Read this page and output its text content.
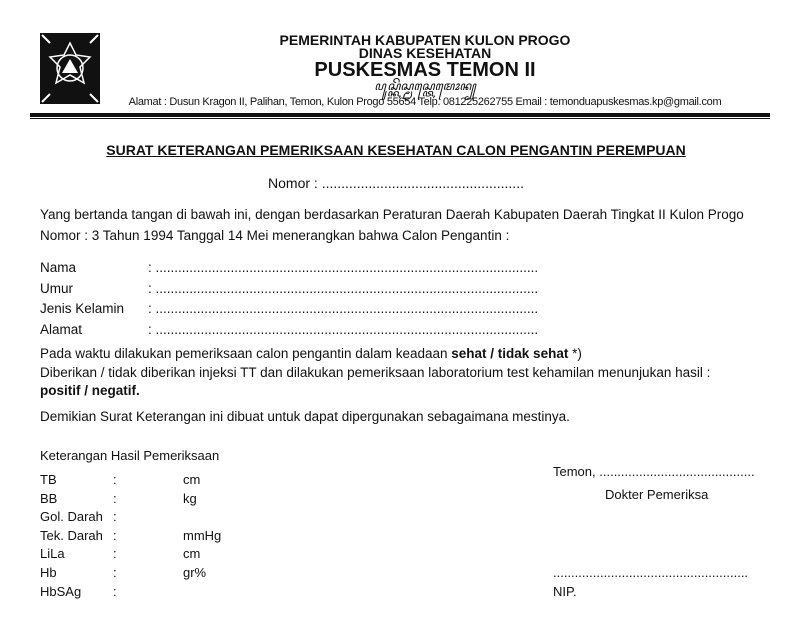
PEMERINTAH KABUPATEN KULON PROGO
DINAS KESEHATAN
PUSKESMAS TEMON II
ꦥꦸꦱ꧀ꦏꦼꦱ꧀ꦩꦱ꧀ꦠꦺꦩꦺꦴꦤ꧀
Alamat : Dusun Kragon II, Palihan, Temon, Kulon Progo 55654 Telp. 081225262755 Email : temonduapuskesmas.kp@gmail.com
SURAT KETERANGAN PEMERIKSAAN KESEHATAN CALON PENGANTIN PEREMPUAN
Nomor : ....................................................
Yang bertanda tangan di bawah ini, dengan berdasarkan Peraturan Daerah Kabupaten Daerah Tingkat II Kulon Progo
Nomor : 3 Tahun 1994 Tanggal 14 Mei menerangkan bahwa Calon Pengantin :
Nama	: ......................................................................................................
Umur	: ......................................................................................................
Jenis Kelamin : ......................................................................................................
Alamat	: ......................................................................................................
Pada waktu dilakukan pemeriksaan calon pengantin dalam keadaan sehat / tidak sehat *)
Diberikan / tidak diberikan injeksi TT dan dilakukan pemeriksaan laboratorium test kehamilan menunjukan hasil :
positif / negatif.
Demikian Surat Keterangan ini dibuat untuk dapat dipergunakan sebagaimana mestinya.
Keterangan Hasil Pemeriksaan
TB	:	cm
BB	:	kg
Gol. Darah :
Tek. Darah :	mmHg
LiLa	:	cm
Hb	:	gr%
HbSAg :
Temon, ...........................................
Dokter Pemeriksa
......................................................
NIP.
